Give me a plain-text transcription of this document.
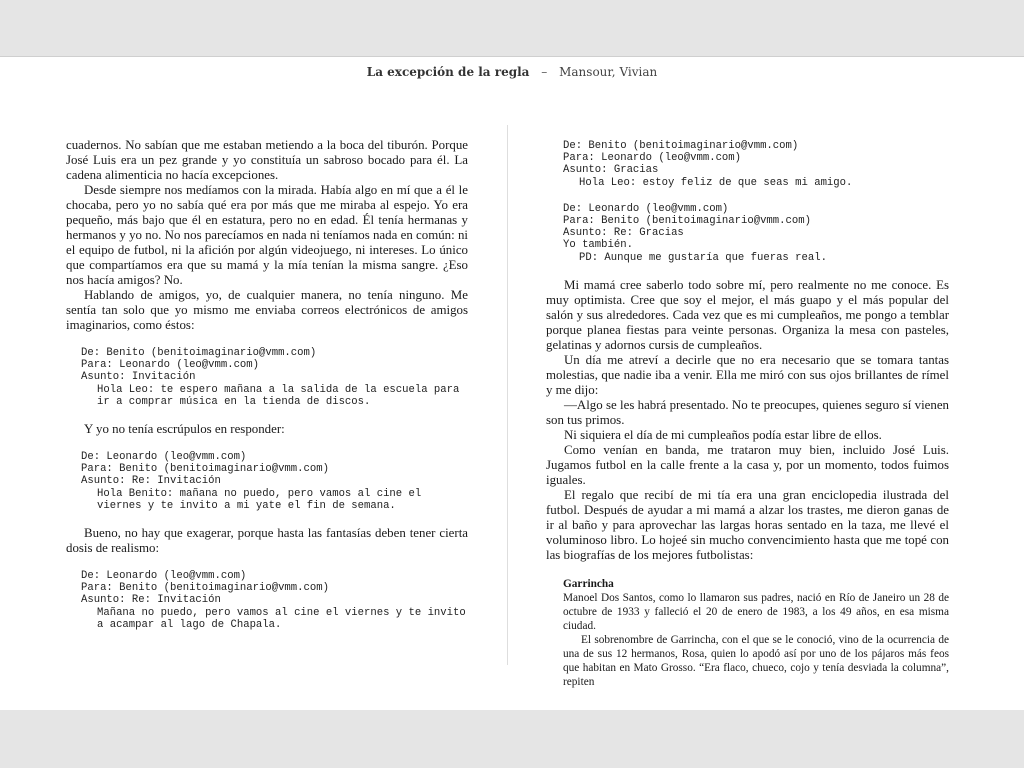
La excepción de la regla – Mansour, Vivian

cuadernos. No sabían que me estaban metiendo a la boca del tiburón. Porque José Luis era un pez grande y yo constituía un sabroso bocado para él. La cadena alimenticia no hacía excepciones.

Desde siempre nos medíamos con la mirada. Había algo en mí que a él le chocaba, pero yo no sabía qué era por más que me miraba al espejo. Yo era pequeño, más bajo que él en estatura, pero no en edad. Él tenía hermanas y hermanos y yo no. No nos parecíamos en nada ni teníamos nada en común: ni el equipo de futbol, ni la afición por algún videojuego, ni intereses. Lo único que compartíamos era que su mamá y la mía tenían la misma sangre. ¿Eso nos hacía amigos? No.

Hablando de amigos, yo, de cualquier manera, no tenía ninguno. Me sentía tan solo que yo mismo me enviaba correos electrónicos de amigos imaginarios, como éstos:

De: Benito (benitoimaginario@vmm.com)
Para: Leonardo (leo@vmm.com)
Asunto: Invitación
Hola Leo: te espero mañana a la salida de la escuela para
ir a comprar música en la tienda de discos.

Y yo no tenía escrúpulos en responder:

De: Leonardo (leo@vmm.com)
Para: Benito (benitoimaginario@vmm.com)
Asunto: Re: Invitación
Hola Benito: mañana no puedo, pero vamos al cine el
viernes y te invito a mi yate el fin de semana.

Bueno, no hay que exagerar, porque hasta las fantasías deben tener cierta dosis de realismo:

De: Leonardo (leo@vmm.com)
Para: Benito (benitoimaginario@vmm.com)
Asunto: Re: Invitación
Mañana no puedo, pero vamos al cine el viernes y te invito
a acampar al lago de Chapala.
De: Benito (benitoimaginario@vmm.com)
Para: Leonardo (leo@vmm.com)
Asunto: Gracias
Hola Leo: estoy feliz de que seas mi amigo.
De: Leonardo (leo@vmm.com)
Para: Benito (benitoimaginario@vmm.com)
Asunto: Re: Gracias
Yo también.
PD: Aunque me gustaría que fueras real.

Mi mamá cree saberlo todo sobre mí, pero realmente no me conoce. Es muy optimista. Cree que soy el mejor, el más guapo y el más popular del salón y sus alrededores. Cada vez que es mi cumpleaños, me pongo a temblar porque planea fiestas para veinte personas. Organiza la mesa con pasteles, gelatinas y adornos cursis de cumpleaños.

Un día me atreví a decirle que no era necesario que se tomara tantas molestias, que nadie iba a venir. Ella me miró con sus ojos brillantes de rímel y me dijo:

—Algo se les habrá presentado. No te preocupes, quienes seguro sí vienen son tus primos.

Ni siquiera el día de mi cumpleaños podía estar libre de ellos.

Como venían en banda, me trataron muy bien, incluido José Luis. Jugamos futbol en la calle frente a la casa y, por un momento, todos fuimos iguales.

El regalo que recibí de mi tía era una gran enciclopedia ilustrada del futbol. Después de ayudar a mi mamá a alzar los trastes, me dieron ganas de ir al baño y para aprovechar las largas horas sentado en la taza, me llevé el voluminoso libro. Lo hojeé sin mucho convencimiento hasta que me topé con las biografías de los mejores futbolistas:

Garrincha

Manoel Dos Santos, como lo llamaron sus padres, nació en Río de Janeiro un 28 de octubre de 1933 y falleció el 20 de enero de 1983, a los 49 años, en esa misma ciudad.

El sobrenombre de Garrincha, con el que se le conoció, vino de la ocurrencia de una de sus 12 hermanos, Rosa, quien lo apodó así por uno de los pájaros más feos que habitan en Mato Grosso. “Era flaco, chueco, cojo y tenía desviada la columna”, repiten
